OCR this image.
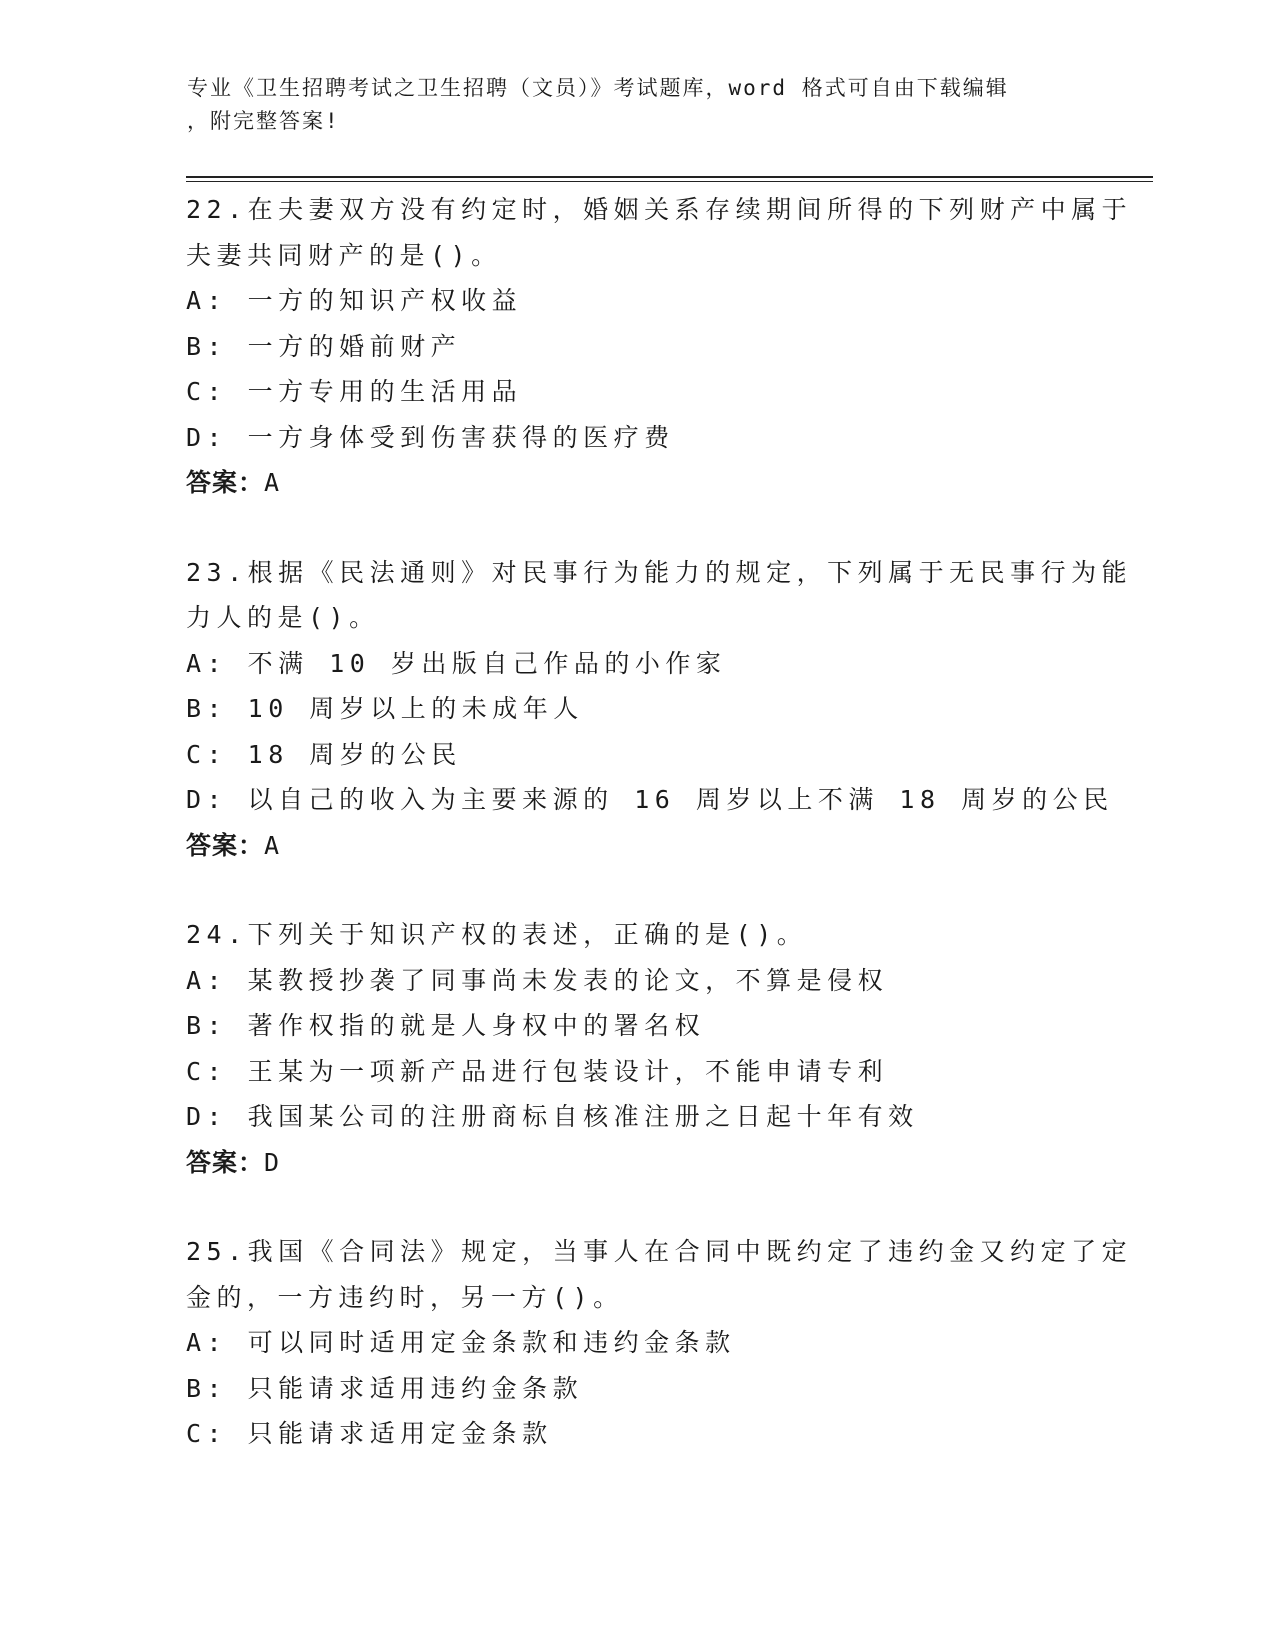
专业《卫生招聘考试之卫生招聘（文员）》考试题库，word 格式可自由下载编辑
，附完整答案!
22.在夫妻双方没有约定时，婚姻关系存续期间所得的下列财产中属于
夫妻共同财产的是()。
A: 一方的知识产权收益
B: 一方的婚前财产
C: 一方专用的生活用品
D: 一方身体受到伤害获得的医疗费
答案：A
23.根据《民法通则》对民事行为能力的规定，下列属于无民事行为能
力人的是()。
A: 不满 10 岁出版自己作品的小作家
B: 10 周岁以上的未成年人
C: 18 周岁的公民
D: 以自己的收入为主要来源的 16 周岁以上不满 18 周岁的公民
答案：A
24.下列关于知识产权的表述，正确的是()。
A: 某教授抄袭了同事尚未发表的论文，不算是侵权
B: 著作权指的就是人身权中的署名权
C: 王某为一项新产品进行包装设计，不能申请专利
D: 我国某公司的注册商标自核准注册之日起十年有效
答案：D
25.我国《合同法》规定，当事人在合同中既约定了违约金又约定了定
金的，一方违约时，另一方()。
A: 可以同时适用定金条款和违约金条款
B: 只能请求适用违约金条款
C: 只能请求适用定金条款
